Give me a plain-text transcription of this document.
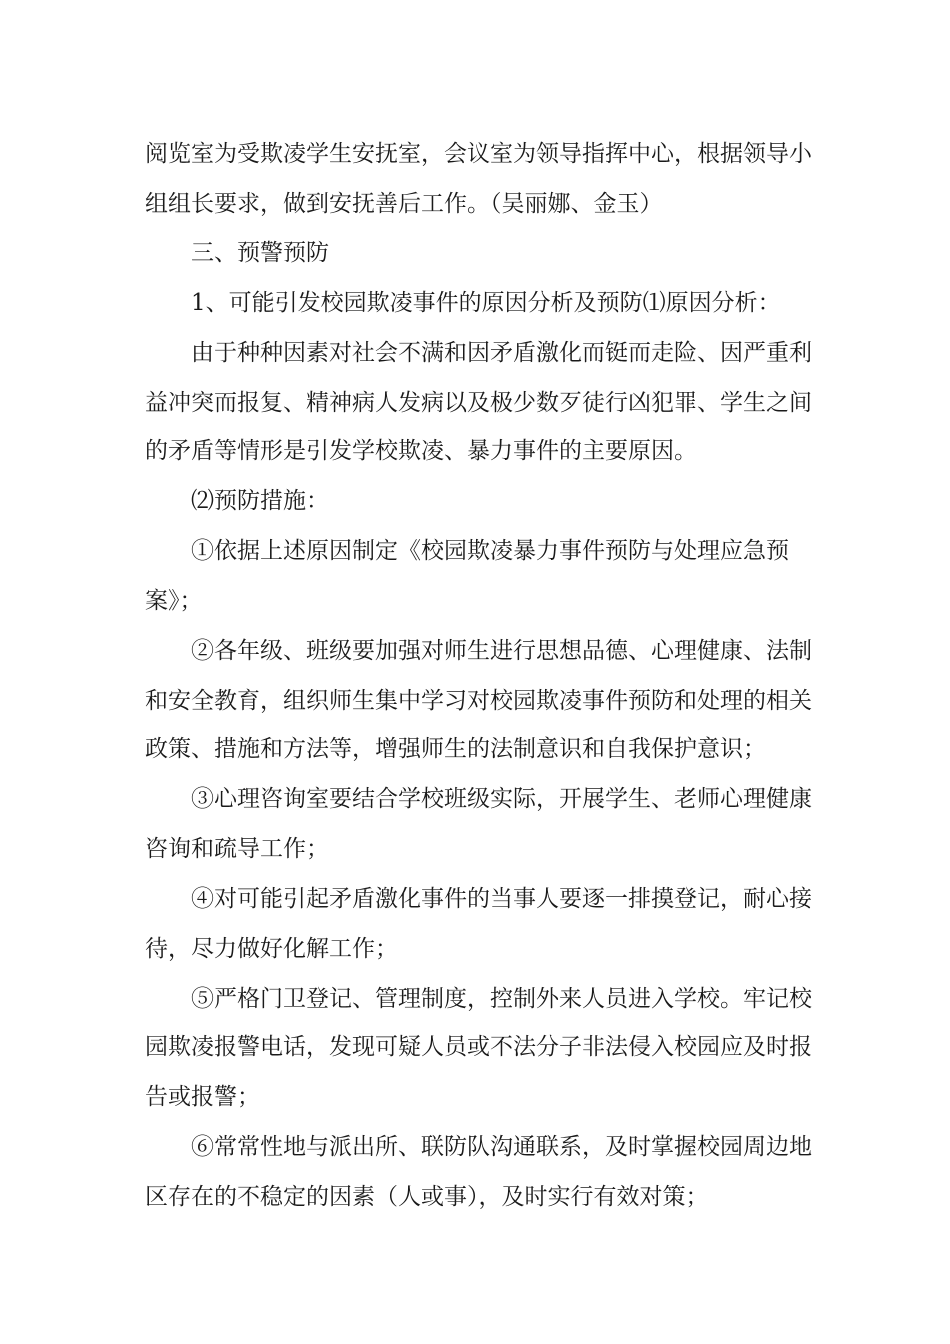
阅览室为受欺凌学生安抚室，会议室为领导指挥中心，根据领导小
组组长要求，做到安抚善后工作。（吴丽娜、金玉）
三、预警预防
1、可能引发校园欺凌事件的原因分析及预防⑴原因分析：
由于种种因素对社会不满和因矛盾激化而铤而走险、因严重利
益冲突而报复、精神病人发病以及极少数歹徒行凶犯罪、学生之间
的矛盾等情形是引发学校欺凌、暴力事件的主要原因。
⑵预防措施：
①依据上述原因制定《校园欺凌暴力事件预防与处理应急预
案》；
②各年级、班级要加强对师生进行思想品德、心理健康、法制
和安全教育，组织师生集中学习对校园欺凌事件预防和处理的相关
政策、措施和方法等，增强师生的法制意识和自我保护意识；
③心理咨询室要结合学校班级实际，开展学生、老师心理健康
咨询和疏导工作；
④对可能引起矛盾激化事件的当事人要逐一排摸登记，耐心接
待，尽力做好化解工作；
⑤严格门卫登记、管理制度，控制外来人员进入学校。牢记校
园欺凌报警电话，发现可疑人员或不法分子非法侵入校园应及时报
告或报警；
⑥常常性地与派出所、联防队沟通联系，及时掌握校园周边地
区存在的不稳定的因素（人或事），及时实行有效对策；
